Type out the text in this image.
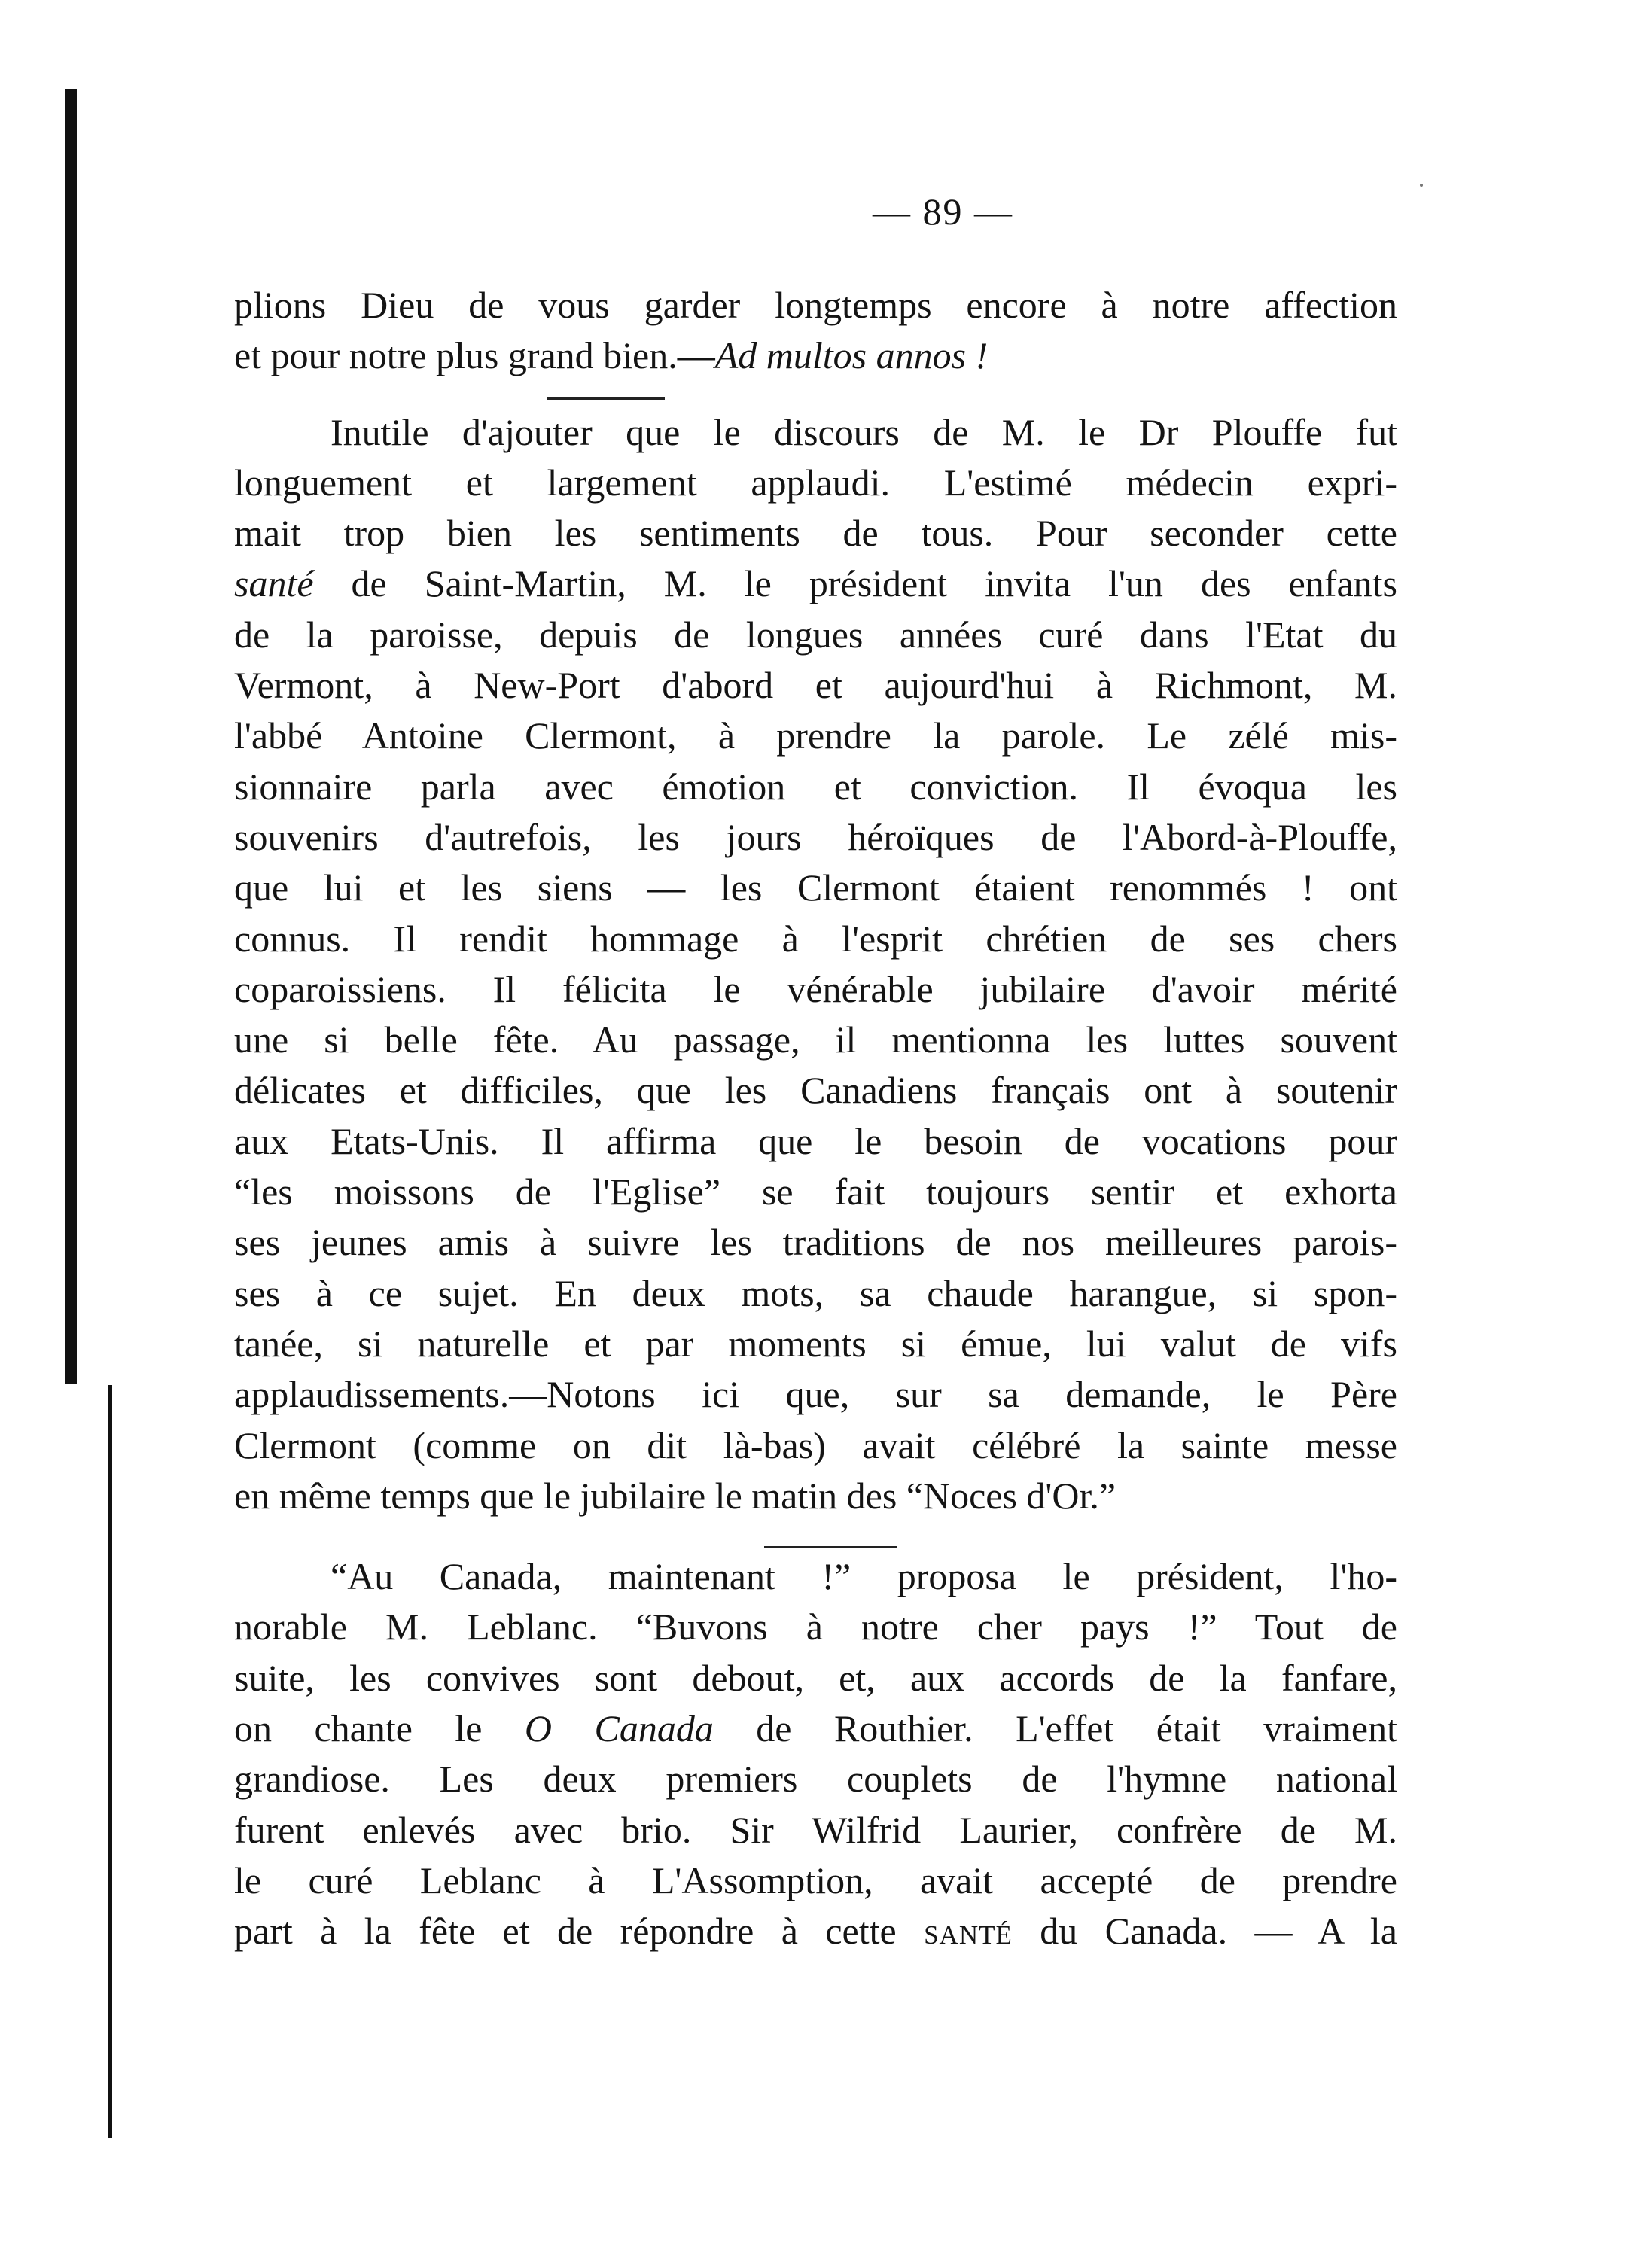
— 89 —
plions Dieu de vous garder longtemps encore à notre affection
et pour notre plus grand bien.—Ad multos annos !
Inutile d'ajouter que le discours de M. le Dr Plouffe fut
longuement et largement applaudi. L'estimé médecin expri-
mait trop bien les sentiments de tous. Pour seconder cette
santé de Saint-Martin, M. le président invita l'un des enfants
de la paroisse, depuis de longues années curé dans l'Etat du
Vermont, à New-Port d'abord et aujourd'hui à Richmont, M.
l'abbé Antoine Clermont, à prendre la parole. Le zélé mis-
sionnaire parla avec émotion et conviction. Il évoqua les
souvenirs d'autrefois, les jours héroïques de l'Abord-à-Plouffe,
que lui et les siens — les Clermont étaient renommés ! ont
connus. Il rendit hommage à l'esprit chrétien de ses chers
coparoissiens. Il félicita le vénérable jubilaire d'avoir mérité
une si belle fête. Au passage, il mentionna les luttes souvent
délicates et difficiles, que les Canadiens français ont à soutenir
aux Etats-Unis. Il affirma que le besoin de vocations pour
“les moissons de l'Eglise” se fait toujours sentir et exhorta
ses jeunes amis à suivre les traditions de nos meilleures parois-
ses à ce sujet. En deux mots, sa chaude harangue, si spon-
tanée, si naturelle et par moments si émue, lui valut de vifs
applaudissements.—Notons ici que, sur sa demande, le Père
Clermont (comme on dit là-bas) avait célébré la sainte messe
en même temps que le jubilaire le matin des “Noces d'Or.”
“Au Canada, maintenant !” proposa le président, l'ho-
norable M. Leblanc. “Buvons à notre cher pays !” Tout de
suite, les convives sont debout, et, aux accords de la fanfare,
on chante le O Canada de Routhier. L'effet était vraiment
grandiose. Les deux premiers couplets de l'hymne national
furent enlevés avec brio. Sir Wilfrid Laurier, confrère de M.
le curé Leblanc à L'Assomption, avait accepté de prendre
part à la fête et de répondre à cette santé du Canada. — A la
